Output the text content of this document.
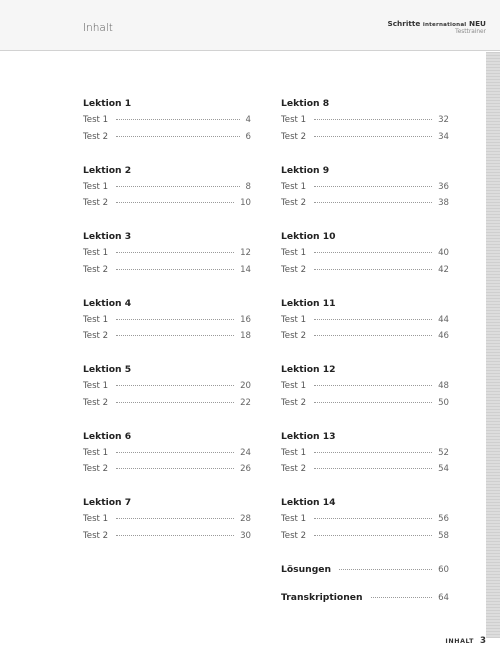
Inhalt	Schritte international NEU
Testtrainer
Lektion 1
Test 1	4
Test 2	6
Lektion 2
Test 1	8
Test 2	10
Lektion 3
Test 1	12
Test 2	14
Lektion 4
Test 1	16
Test 2	18
Lektion 5
Test 1	20
Test 2	22
Lektion 6
Test 1	24
Test 2	26
Lektion 7
Test 1	28
Test 2	30
Lektion 8
Test 1	32
Test 2	34
Lektion 9
Test 1	36
Test 2	38
Lektion 10
Test 1	40
Test 2	42
Lektion 11
Test 1	44
Test 2	46
Lektion 12
Test 1	48
Test 2	50
Lektion 13
Test 1	52
Test 2	54
Lektion 14
Test 1	56
Test 2	58
Lösungen	60
Transkriptionen	64
INHALT 3
